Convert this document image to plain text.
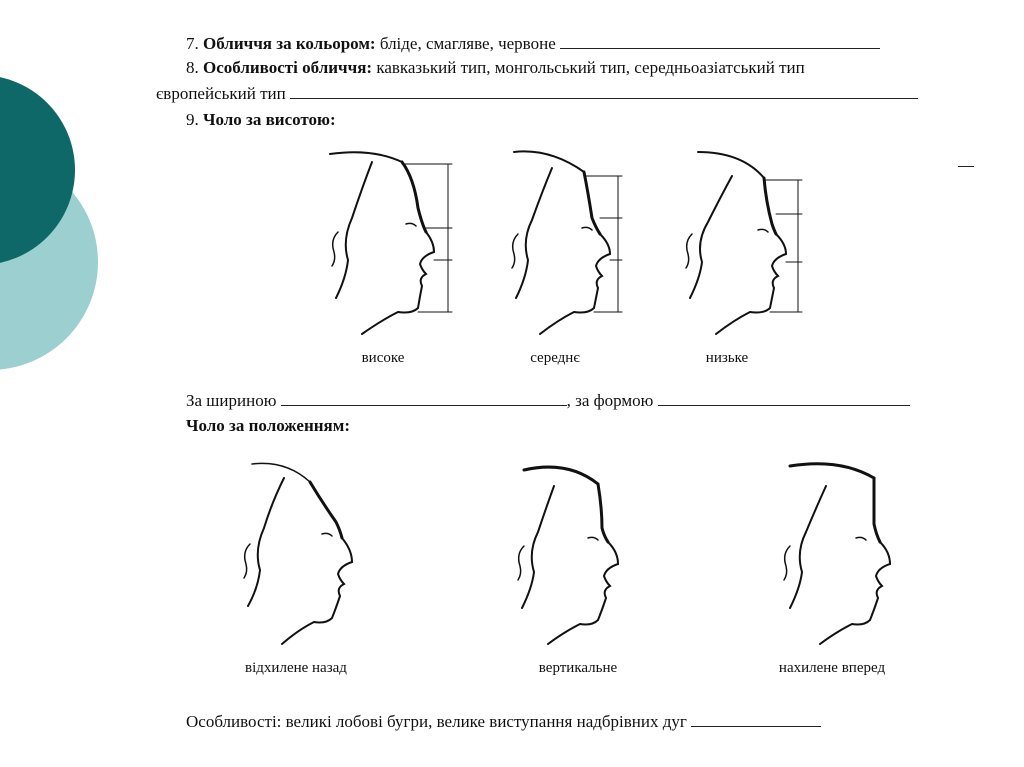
7. Обличчя за кольором: бліде, смагляве, червоне
8. Особливості обличчя: кавказький тип, монгольський тип, середньоазіатський тип
європейський тип
9. Чоло за висотою:
високе	середнє	низьке
За шириною	, за формою
Чоло за положенням:
відхилене назад	вертикальне	нахилене вперед
Особливості: великі лобові бугри, велике виступання надбрівних дуг
